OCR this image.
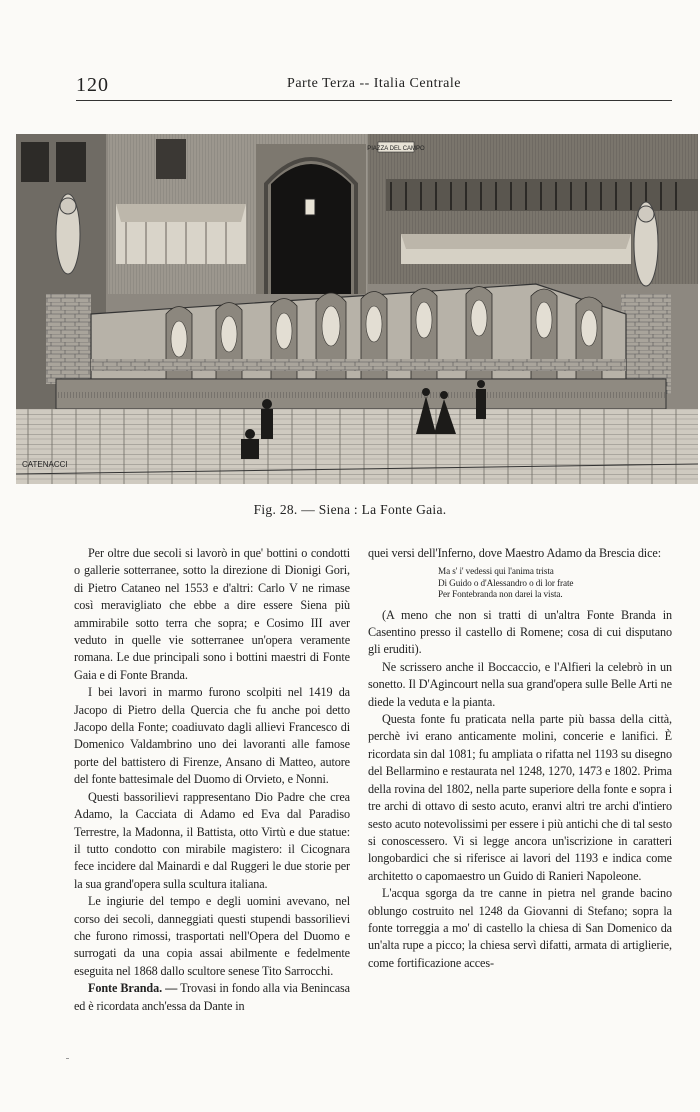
120	Parte Terza -- Italia Centrale
PIAZZA DEL CAMPO
CATENACCI
Fig. 28. — Siena : La Fonte Gaia.

Per oltre due secoli si lavorò in que' bottini o condotti o gallerie sotterranee, sotto la direzione di Dionigi Gori, di Pietro Cataneo nel 1553 e d'altri: Carlo V ne rimase così meravigliato che ebbe a dire essere Siena più ammirabile sotto terra che sopra; e Cosimo III aver veduto in quelle vie sotterranee un'opera veramente romana. Le due principali sono i bottini maestri di Fonte Gaia e di Fonte Branda.

I bei lavori in marmo furono scolpiti nel 1419 da Jacopo di Pietro della Quercia che fu anche poi detto Jacopo della Fonte; coadiuvato dagli allievi Francesco di Domenico Valdambrino uno dei lavoranti alle famose porte del battistero di Firenze, Ansano di Matteo, autore del fonte battesimale del Duomo di Orvieto, e Nonni.

Questi bassorilievi rappresentano Dio Padre che crea Adamo, la Cacciata di Adamo ed Eva dal Paradiso Terrestre, la Madonna, il Battista, otto Virtù e due statue: il tutto condotto con mirabile magistero: il Cicognara fece incidere dal Mainardi e dal Ruggeri le due storie per la sua grand'opera sulla scultura italiana.

Le ingiurie del tempo e degli uomini avevano, nel corso dei secoli, danneggiati questi stupendi bassorilievi che furono rimossi, trasportati nell'Opera del Duomo e surrogati da una copia assai abilmente e fedelmente eseguita nel 1868 dallo scultore senese Tito Sarrocchi.

Fonte Branda. — Trovasi in fondo alla via Benincasa ed è ricordata anch'essa da Dante in

quei versi dell'Inferno, dove Maestro Adamo da Brescia dice:

Ma s' i' vedessi qui l'anima trista
Di Guido o d'Alessandro o di lor frate
Per Fontebranda non darei la vista.

(A meno che non si tratti di un'altra Fonte Branda in Casentino presso il castello di Romene; cosa di cui disputano gli eruditi).

Ne scrissero anche il Boccaccio, e l'Alfieri la celebrò in un sonetto. Il D'Agincourt nella sua grand'opera sulle Belle Arti ne diede la veduta e la pianta.

Questa fonte fu praticata nella parte più bassa della città, perchè ivi erano anticamente molini, concerie e lanifici. È ricordata sin dal 1081; fu ampliata o rifatta nel 1193 su disegno del Bellarmino e restaurata nel 1248, 1270, 1473 e 1802. Prima della rovina del 1802, nella parte superiore della fonte e sopra i tre archi di ottavo di sesto acuto, eranvi altri tre archi d'intiero sesto acuto notevolissimi per essere i più antichi che di tal sesto si conoscessero. Vi si legge ancora un'iscrizione in caratteri longobardici che si riferisce ai lavori del 1193 e indica come architetto o capomaestro un Guido di Ranieri Napoleone.

L'acqua sgorga da tre canne in pietra nel grande bacino oblungo costruito nel 1248 da Giovanni di Stefano; sopra la fonte torreggia a mo' di castello la chiesa di San Domenico da un'alta rupe a picco; la chiesa servì difatti, armata di artiglierie, come fortificazione acces-
